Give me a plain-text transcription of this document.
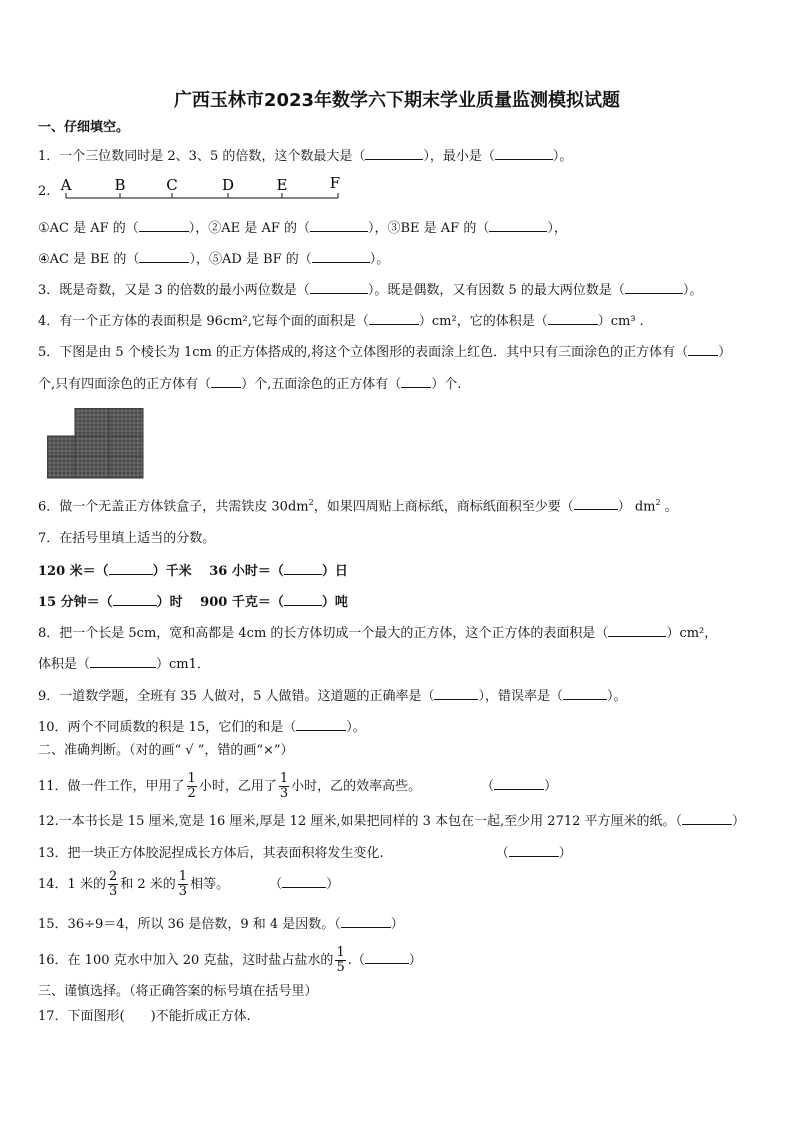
广西玉林市2023年数学六下期末学业质量监测模拟试题
一、仔细填空。
1．一个三位数同时是 2、3、5 的倍数，这个数最大是（	），最小是（	）。
2. A	B	C	D	E	F
①AC 是 AF 的（	），②AE 是 AF 的（	），③BE 是 AF 的（	），
④AC 是 BE 的（	），⑤AD 是 BF 的（	）。
3．既是奇数，又是 3 的倍数的最小两位数是（	）。既是偶数，又有因数 5 的最大两位数是（	）。
4．有一个正方体的表面积是 96cm²,它每个面的面积是（	）cm²，它的体积是（	）cm³ ．
5．下图是由 5 个棱长为 1cm 的正方体搭成的,将这个立体图形的表面涂上红色．其中只有三面涂色的正方体有（ ）
个,只有四面涂色的正方体有（ ）个,五面涂色的正方体有（ ）个.
6．做一个无盖正方体铁盒子，共需铁皮 $30dm^2$，如果四周贴上商标纸，商标纸面积至少要（	） $dm^2$ 。
7．在括号里填上适当的分数。
120 米＝（	）千米　 36 小时＝（	）日
15 分钟＝（	）时　 900 千克＝（	）吨
8．把一个长是 5cm，宽和高都是 4cm 的长方体切成一个最大的正方体，这个正方体的表面积是（	）cm²，
体积是（	）cm1．
9．一道数学题，全班有 35 人做对，5 人做错。这道题的正确率是（	），错误率是（	）。
10．两个不同质数的积是 15，它们的和是（	）。
二、准确判断。（对的画“ √ ”，错的画“×”）
11．做一件工作，甲用了 $\frac{1}{2}$ 小时，乙用了 $\frac{1}{3}$ 小时，乙的效率高些。	（	）
12.一本书长是 15 厘米,宽是 16 厘米,厚是 12 厘米,如果把同样的 3 本包在一起,至少用 2712 平方厘米的纸。（	）
13．把一块正方体胶泥捏成长方体后，其表面积将发生变化.	（	）
14．1 米的 $\frac{2}{3}$ 和 2 米的 $\frac{1}{3}$ 相等。	（	）
15．36÷9＝4，所以 36 是倍数，9 和 4 是因数。（	）
16．在 100 克水中加入 20 克盐，这时盐占盐水的 $\frac{1}{5}$ .（	）
三、谨慎选择。（将正确答案的标号填在括号里）
17．下面图形(　　)不能折成正方体.
